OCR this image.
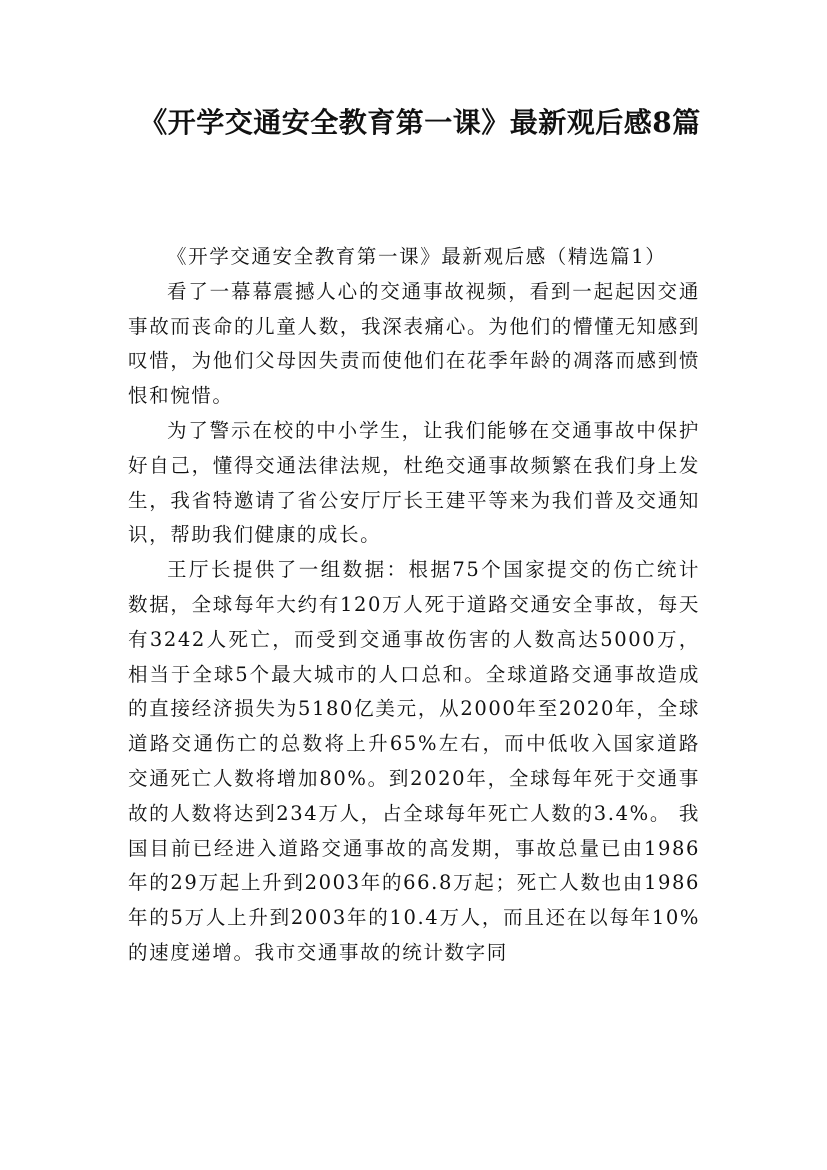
《开学交通安全教育第一课》最新观后感8篇

《开学交通安全教育第一课》最新观后感（精选篇1）

看了一幕幕震撼人心的交通事故视频，看到一起起因交通事故而丧命的儿童人数，我深表痛心。为他们的懵懂无知感到叹惜，为他们父母因失责而使他们在花季年龄的凋落而感到愤恨和惋惜。

为了警示在校的中小学生，让我们能够在交通事故中保护好自己，懂得交通法律法规，杜绝交通事故频繁在我们身上发生，我省特邀请了省公安厅厅长王建平等来为我们普及交通知识，帮助我们健康的成长。

王厅长提供了一组数据：根据75个国家提交的伤亡统计数据，全球每年大约有120万人死于道路交通安全事故，每天有3242人死亡，而受到交通事故伤害的人数高达5000万，相当于全球5个最大城市的人口总和。全球道路交通事故造成的直接经济损失为5180亿美元，从2000年至2020年，全球道路交通伤亡的总数将上升65%左右，而中低收入国家道路交通死亡人数将增加80%。到2020年，全球每年死于交通事故的人数将达到234万人，占全球每年死亡人数的3.4%。 我国目前已经进入道路交通事故的高发期，事故总量已由1986年的29万起上升到2003年的66.8万起；死亡人数也由1986年的5万人上升到2003年的10.4万人，而且还在以每年10%的速度递增。我市交通事故的统计数字同
